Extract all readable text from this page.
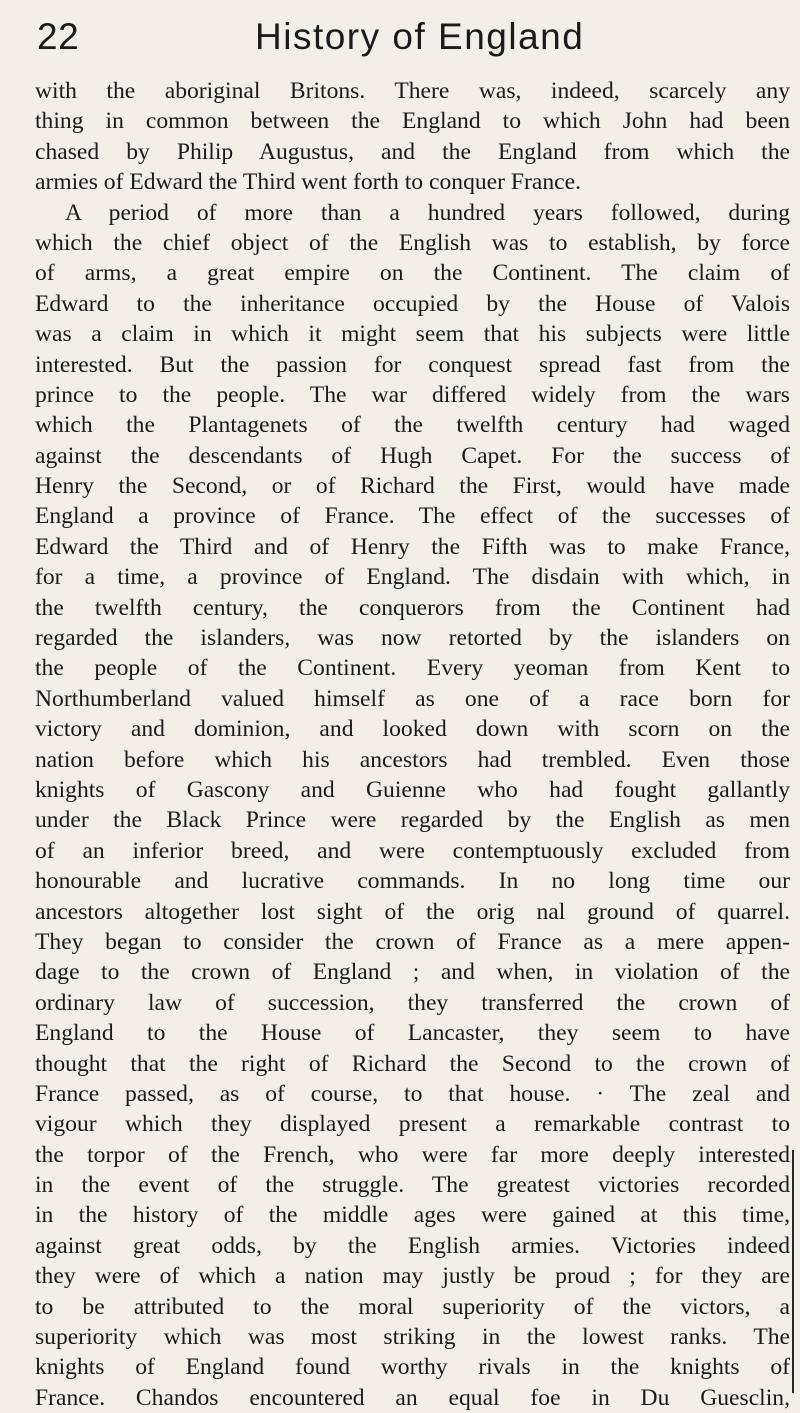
22	History of England
with the aboriginal Britons. There was, indeed, scarcely any
thing in common between the England to which John had been
chased by Philip Augustus, and the England from which the
armies of Edward the Third went forth to conquer France.
A period of more than a hundred years followed, during
which the chief object of the English was to establish, by force
of arms, a great empire on the Continent. The claim of
Edward to the inheritance occupied by the House of Valois
was a claim in which it might seem that his subjects were little
interested. But the passion for conquest spread fast from the
prince to the people. The war differed widely from the wars
which the Plantagenets of the twelfth century had waged
against the descendants of Hugh Capet. For the success of
Henry the Second, or of Richard the First, would have made
England a province of France. The effect of the successes of
Edward the Third and of Henry the Fifth was to make France,
for a time, a province of England. The disdain with which, in
the twelfth century, the conquerors from the Continent had
regarded the islanders, was now retorted by the islanders on
the people of the Continent. Every yeoman from Kent to
Northumberland valued himself as one of a race born for
victory and dominion, and looked down with scorn on the
nation before which his ancestors had trembled. Even those
knights of Gascony and Guienne who had fought gallantly
under the Black Prince were regarded by the English as men
of an inferior breed, and were contemptuously excluded from
honourable and lucrative commands. In no long time our
ancestors altogether lost sight of the orig nal ground of quarrel.
They began to consider the crown of France as a mere appen-
dage to the crown of England ; and when, in violation of the
ordinary law of succession, they transferred the crown of
England to the House of Lancaster, they seem to have
thought that the right of Richard the Second to the crown of
France passed, as of course, to that house. · The zeal and
vigour which they displayed present a remarkable contrast to
the torpor of the French, who were far more deeply interested
in the event of the struggle. The greatest victories recorded
in the history of the middle ages were gained at this time,
against great odds, by the English armies. Victories indeed
they were of which a nation may justly be proud ; for they are
to be attributed to the moral superiority of the victors, a
superiority which was most striking in the lowest ranks. The
knights of England found worthy rivals in the knights of
France. Chandos encountered an equal foe in Du Guesclin,
